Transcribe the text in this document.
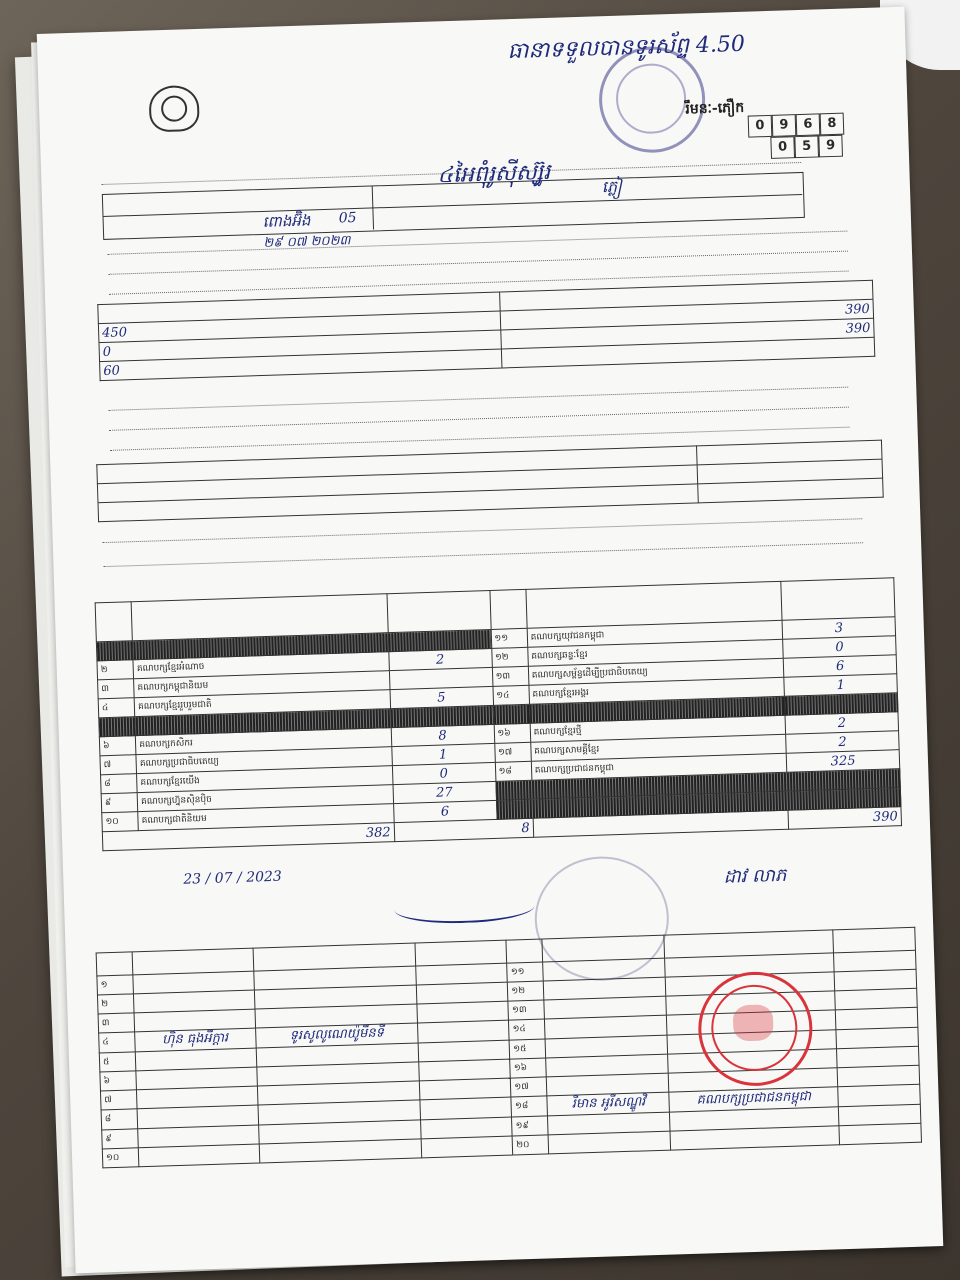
ធានាទទួលបានទូរស័ព្ទ 4.50
រឹមនៈ-ភឿក
0	9	6	8
0	5	9
៤អៃពុំរូស៊ីស្ស៊ួរ	ភ្លៀ
ពោងអ៊ិង 05
២៩ ០៧ ២០២៣

450	390
0	390
60	

			១១	គណបក្សយុវជនកម្ពុជា	3
២	គណបក្សខ្មែរអំណាច	2	១២	គណបក្សឆន្ទៈខ្មែរ	0
៣	គណបក្សកម្ពុជានិយម		១៣	គណបក្សសម្ព័ន្ធដើម្បីប្រជាធិបតេយ្យ	6
៤	គណបក្សខ្មែររួបរួមជាតិ	5	១៤	គណបក្សខ្មែរអង្គរ	1

៦	គណបក្សកសិករ	8	១៦	គណបក្សខ្មែរថ្មី	2
៧	គណបក្សប្រជាធិបតេយ្យ	1	១៧	គណបក្សសាមគ្គីខ្មែរ	2
៨	គណបក្សខ្មែរយើង	0	១៨	គណបក្សប្រជាជនកម្ពុជា	325
៩	គណបក្សហ្វ៊ុនស៊ិនប៉ិច	27			
១០	គណបក្សជាតិនិយម	6			
382		8			390
23 / 07 / 2023	ដាវ លាភ

១				១១			
២				១២			
៣				១៣			
៤	ហ៊ិន ធុងអីក្តារ	ទូរសូលូណេយ៉ូមីនទី		១៤			
៥				១៥			
៦				១៦			
៧				១៧			
៨				១៨	រឹមាន អូរីសណ្ឌូវិ	គណបក្សប្រជាជនកម្ពុជា	
៩				១៩			
១០				២០			
